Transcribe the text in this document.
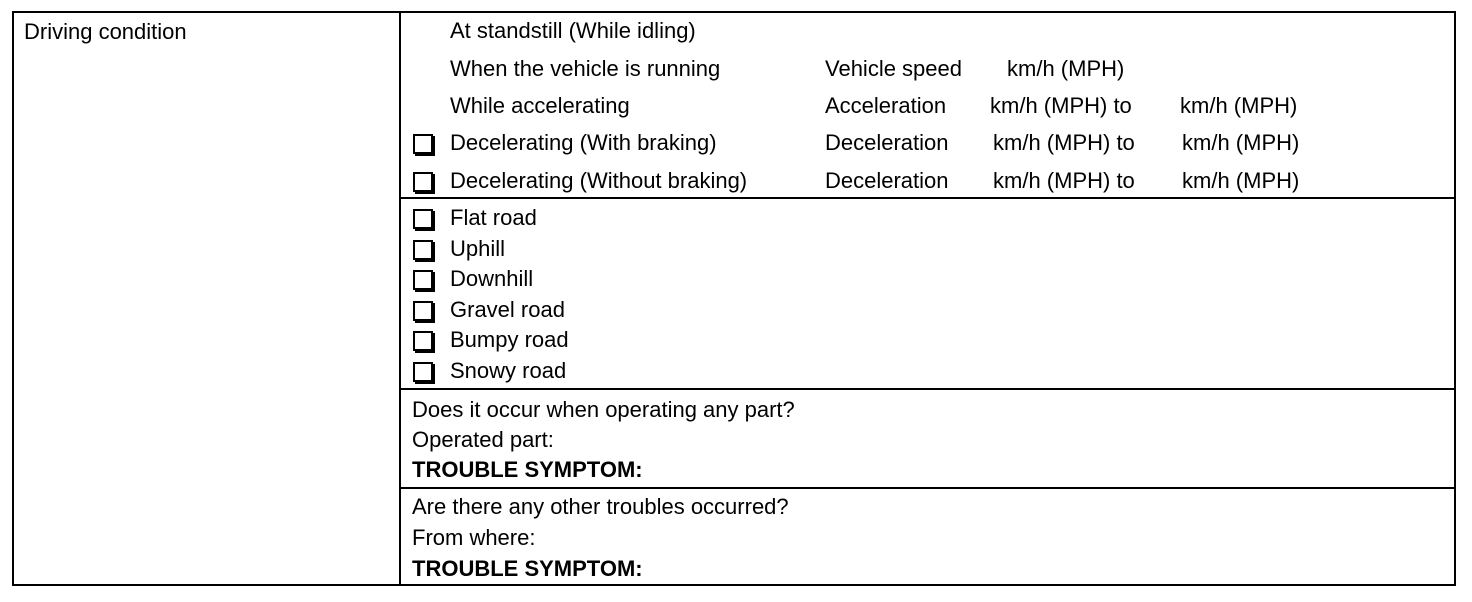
Driving condition	At standstill (While idling)
When the vehicle is running	Vehicle speed km/h (MPH)
While accelerating	Acceleration km/h (MPH) to km/h (MPH)
Decelerating (With braking)	Deceleration km/h (MPH) to km/h (MPH)
Decelerating (Without braking)	Deceleration km/h (MPH) to km/h (MPH)
Flat road
Uphill
Downhill
Gravel road
Bumpy road
Snowy road
Does it occur when operating any part?
Operated part:
TROUBLE SYMPTOM:
Are there any other troubles occurred?
From where:
TROUBLE SYMPTOM:
